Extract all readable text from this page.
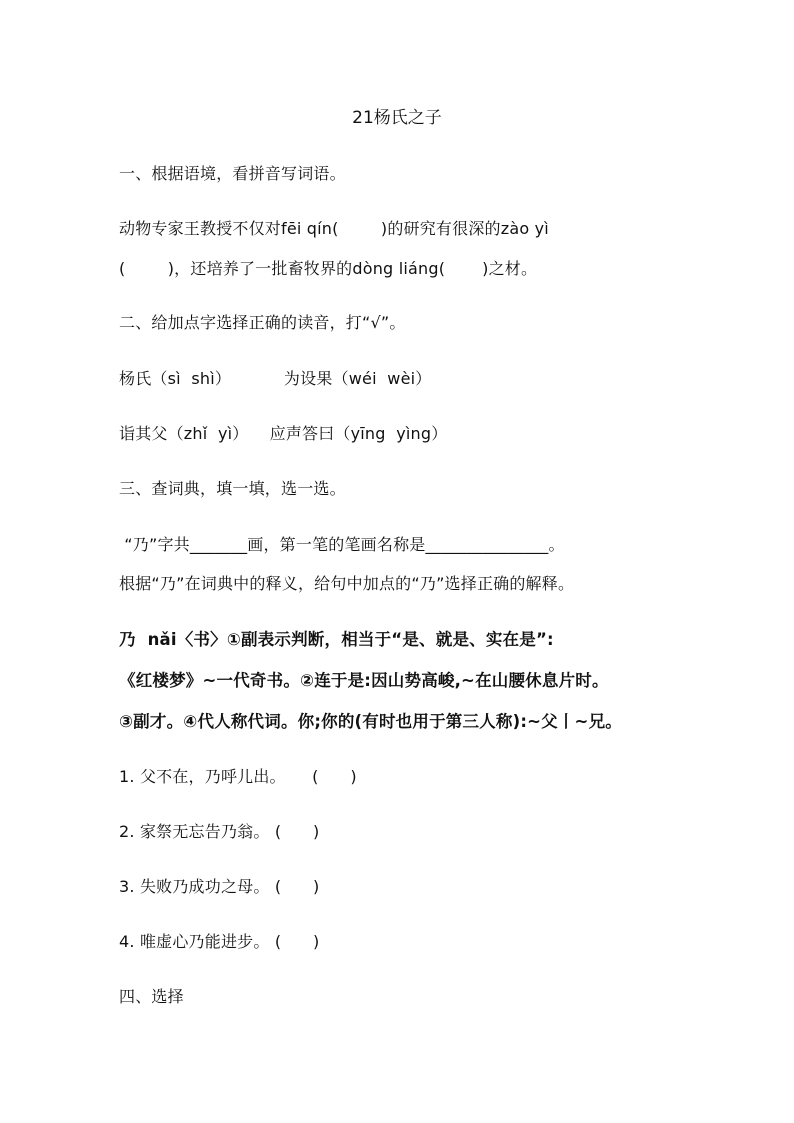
21杨氏之子
一、根据语境，看拼音写词语。
动物专家王教授不仅对fēi qín(        )的研究有很深的zào yì
(        )，还培养了一批畜牧界的dòng liáng(       )之材。
二、给加点字选择正确的读音，打“√”。
杨氏（sì  shì）          为设果（wéi  wèi）
诣其父（zhǐ  yì）    应声答曰（yīng  yìng）
三、查词典，填一填，选一选。
“乃”字共_______画，第一笔的笔画名称是_______________。
根据“乃”在词典中的释义，给句中加点的“乃”选择正确的解释。
乃  nǎi〈书〉①副表示判断，相当于“是、就是、实在是”:
《红楼梦》~一代奇书。②连于是:因山势高峻,~在山腰休息片时。
③副才。④代人称代词。你;你的(有时也用于第三人称):~父丨~兄。
1. 父不在，乃呼儿出。     (      )
2. 家祭无忘告乃翁。 (      )
3. 失败乃成功之母。 (      )
4. 唯虚心乃能进步。 (      )
四、选择
